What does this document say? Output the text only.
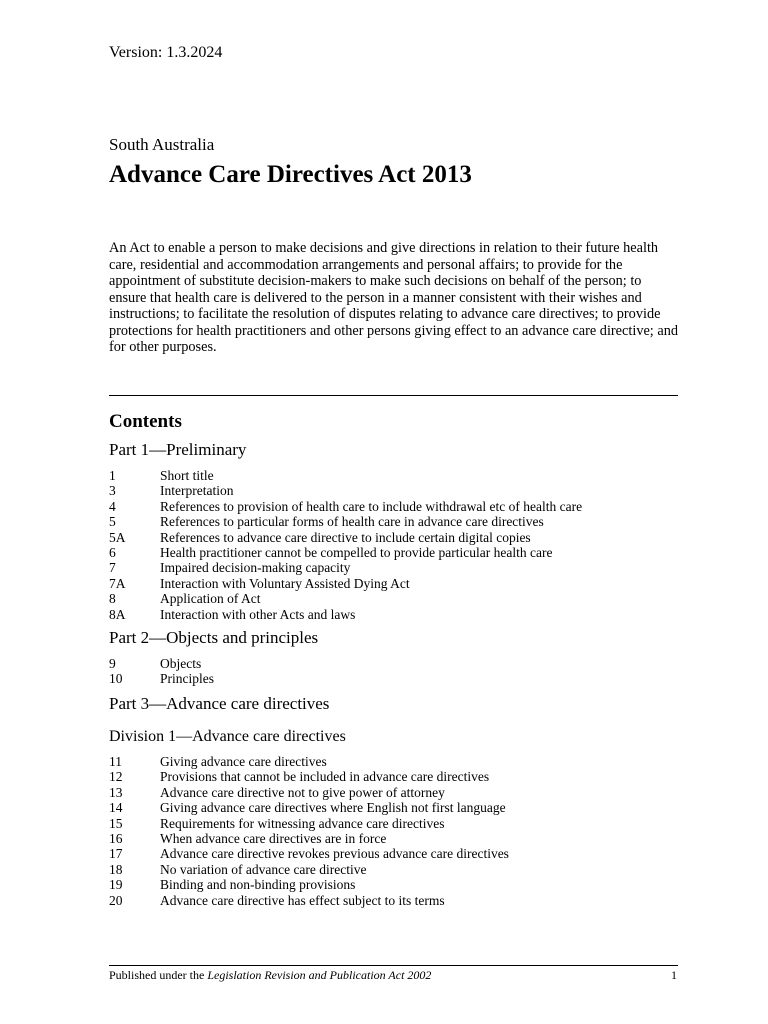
Version: 1.3.2024
South Australia
Advance Care Directives Act 2013
An Act to enable a person to make decisions and give directions in relation to their future health care, residential and accommodation arrangements and personal affairs; to provide for the appointment of substitute decision-makers to make such decisions on behalf of the person; to ensure that health care is delivered to the person in a manner consistent with their wishes and instructions; to facilitate the resolution of disputes relating to advance care directives; to provide protections for health practitioners and other persons giving effect to an advance care directive; and for other purposes.
Contents
Part 1—Preliminary
1	Short title
3	Interpretation
4	References to provision of health care to include withdrawal etc of health care
5	References to particular forms of health care in advance care directives
5A	References to advance care directive to include certain digital copies
6	Health practitioner cannot be compelled to provide particular health care
7	Impaired decision-making capacity
7A	Interaction with Voluntary Assisted Dying Act
8	Application of Act
8A	Interaction with other Acts and laws
Part 2—Objects and principles
9	Objects
10	Principles
Part 3—Advance care directives
Division 1—Advance care directives
11	Giving advance care directives
12	Provisions that cannot be included in advance care directives
13	Advance care directive not to give power of attorney
14	Giving advance care directives where English not first language
15	Requirements for witnessing advance care directives
16	When advance care directives are in force
17	Advance care directive revokes previous advance care directives
18	No variation of advance care directive
19	Binding and non-binding provisions
20	Advance care directive has effect subject to its terms
Published under the Legislation Revision and Publication Act 2002	1
